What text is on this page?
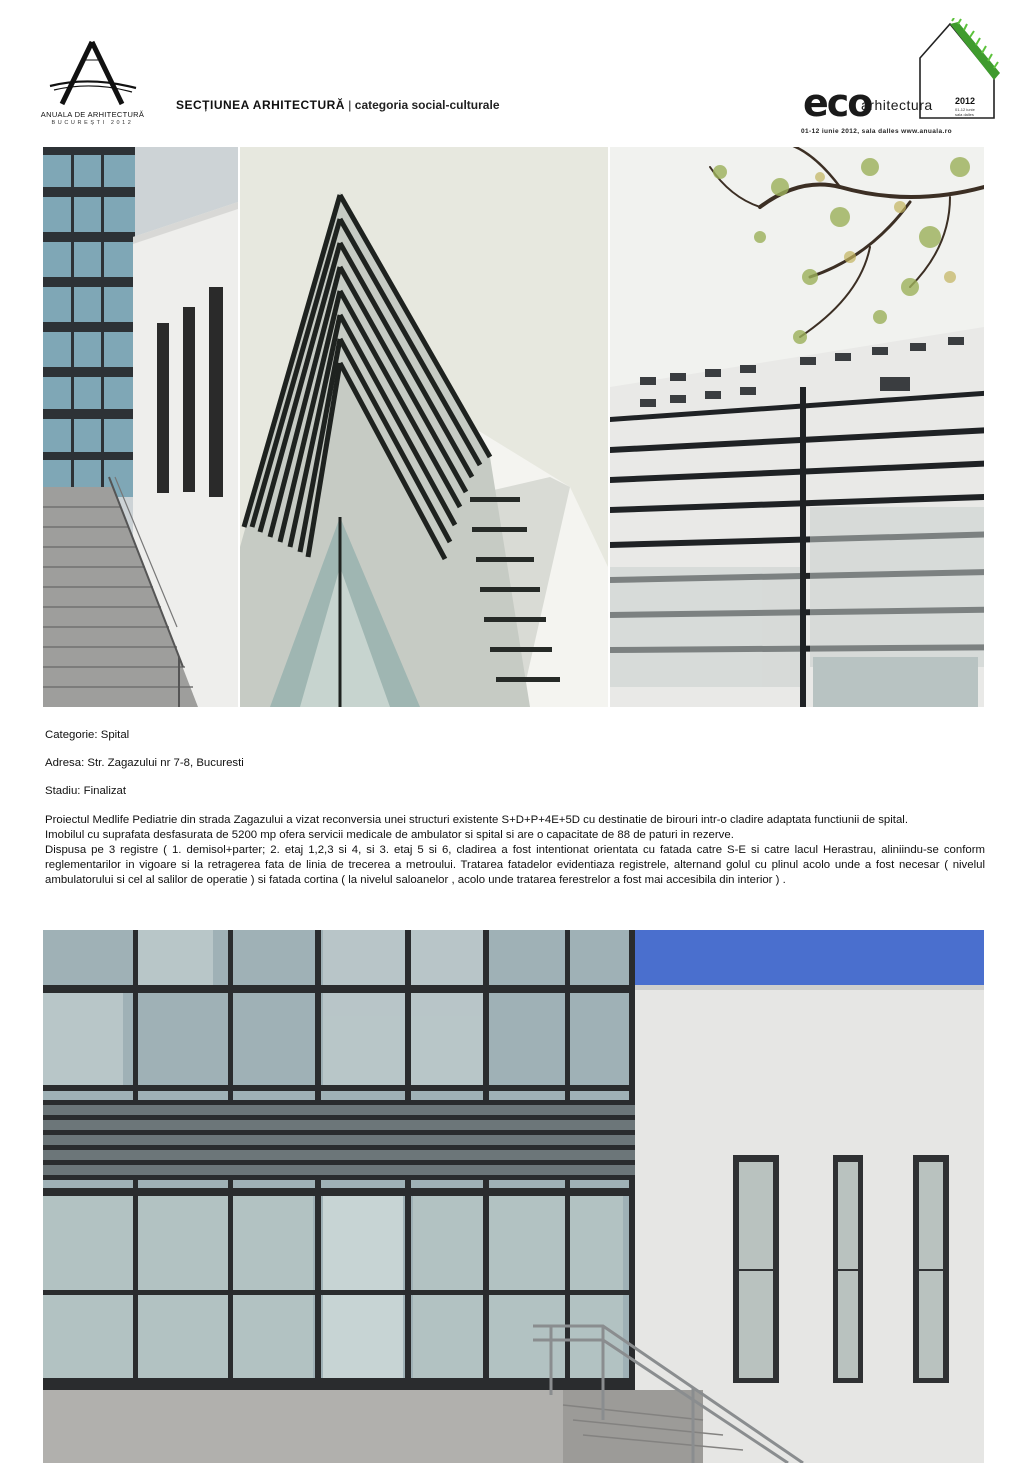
ANUALA DE ARHITECTURĂ
BUCUREȘTI 2012
SECȚIUNEA ARHITECTURĂ | categoria social-culturale	eco
arhitectura 2012
01-12 iunie
sala dalles
01-12 iunie 2012, sala dalles www.anuala.ro

Categorie: Spital

Adresa: Str. Zagazului nr 7-8, Bucuresti

Stadiu: Finalizat

Proiectul Medlife Pediatrie din strada Zagazului a vizat reconversia unei structuri existente S+D+P+4E+5D cu destinatie de birouri intr-o cladire adaptata functiunii de spital.

Imobilul cu suprafata desfasurata de 5200 mp ofera servicii medicale de ambulator si spital si are o capacitate de 88 de paturi in rezerve.

Dispusa pe 3 registre ( 1. demisol+parter; 2. etaj 1,2,3 si 4, si 3. etaj 5 si 6, cladirea a fost intentionat orientata cu fatada catre S-E si catre lacul Herastrau, aliniindu-se conform reglementarilor in vigoare si la retragerea fata de linia de trecerea a metroului. Tratarea fatadelor evidentiaza registrele, alternand golul cu plinul acolo unde a fost necesar ( nivelul ambulatorului si cel al salilor de operatie ) si fatada cortina ( la nivelul saloanelor , acolo unde tratarea ferestrelor a fost mai accesibila din interior ) .
